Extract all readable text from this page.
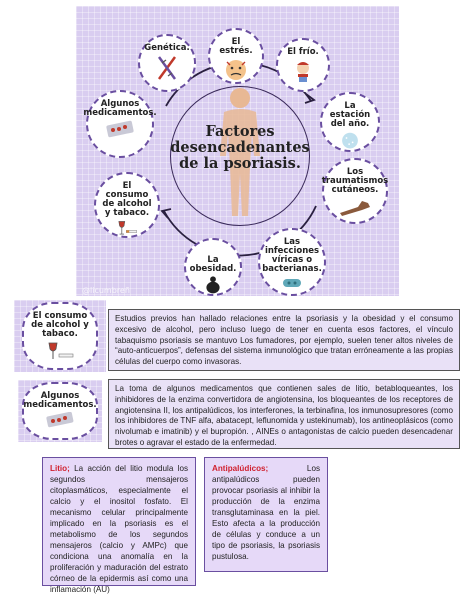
Factores
desencadenantes
de la psoriasis.
Genética.
El estrés.	El frío.
La estación del año.
Los traumatismos cutáneos.
Las infecciones víricas o bacterianas.
La obesidad.
El consumo de alcohol y tabaco.
Algunos medicamentos.
@licumbreñ
El consumo de alcohol y tabaco.
Estudios previos han hallado relaciones entre la psoriasis y la obesidad y el consumo excesivo de alcohol, pero incluso luego de tener en cuenta esos factores, el vínculo tabaquismo psoriasis se mantuvo Los fumadores, por ejemplo, suelen tener altos niveles de “auto-anticuerpos”, defensas del sistema inmunológico que tratan erróneamente a las propias células del cuerpo como invasoras.
Algunos medicamentos.
La toma de algunos medicamentos que contienen sales de litio, betabloqueantes, los inhibidores de la enzima convertidora de angiotensina, los bloqueantes de los receptores de angiotensina II, los antipalúdicos, los interferones, la terbinafina, los inmunosupresores (como los inhibidores de TNF alfa, abatacept, leflunomida y ustekinumab), los antineoplásicos (como nivolumab e imatinib) y el bupropión. , AINEs o antagonistas de calcio pueden desencadenar brotes o agravar el estado de la enfermedad.
Litio; La acción del litio modula los segundos mensajeros citoplasmáticos, especialmente el calcio y el inositol fosfato. El mecanismo celular principalmente implicado en la psoriasis es el metabolismo de los segundos mensajeros (calcio y AMPc) que condiciona una anomalía en la proliferación y maduración del estrato córneo de la epidermis así como una inflamación (AU)
Antipalúdicos; Los antipalúdicos pueden provocar psoriasis al inhibir la producción de la enzima transglutaminasa en la piel. Esto afecta a la producción de células y conduce a un tipo de psoriasis, la psoriasis pustulosa.
